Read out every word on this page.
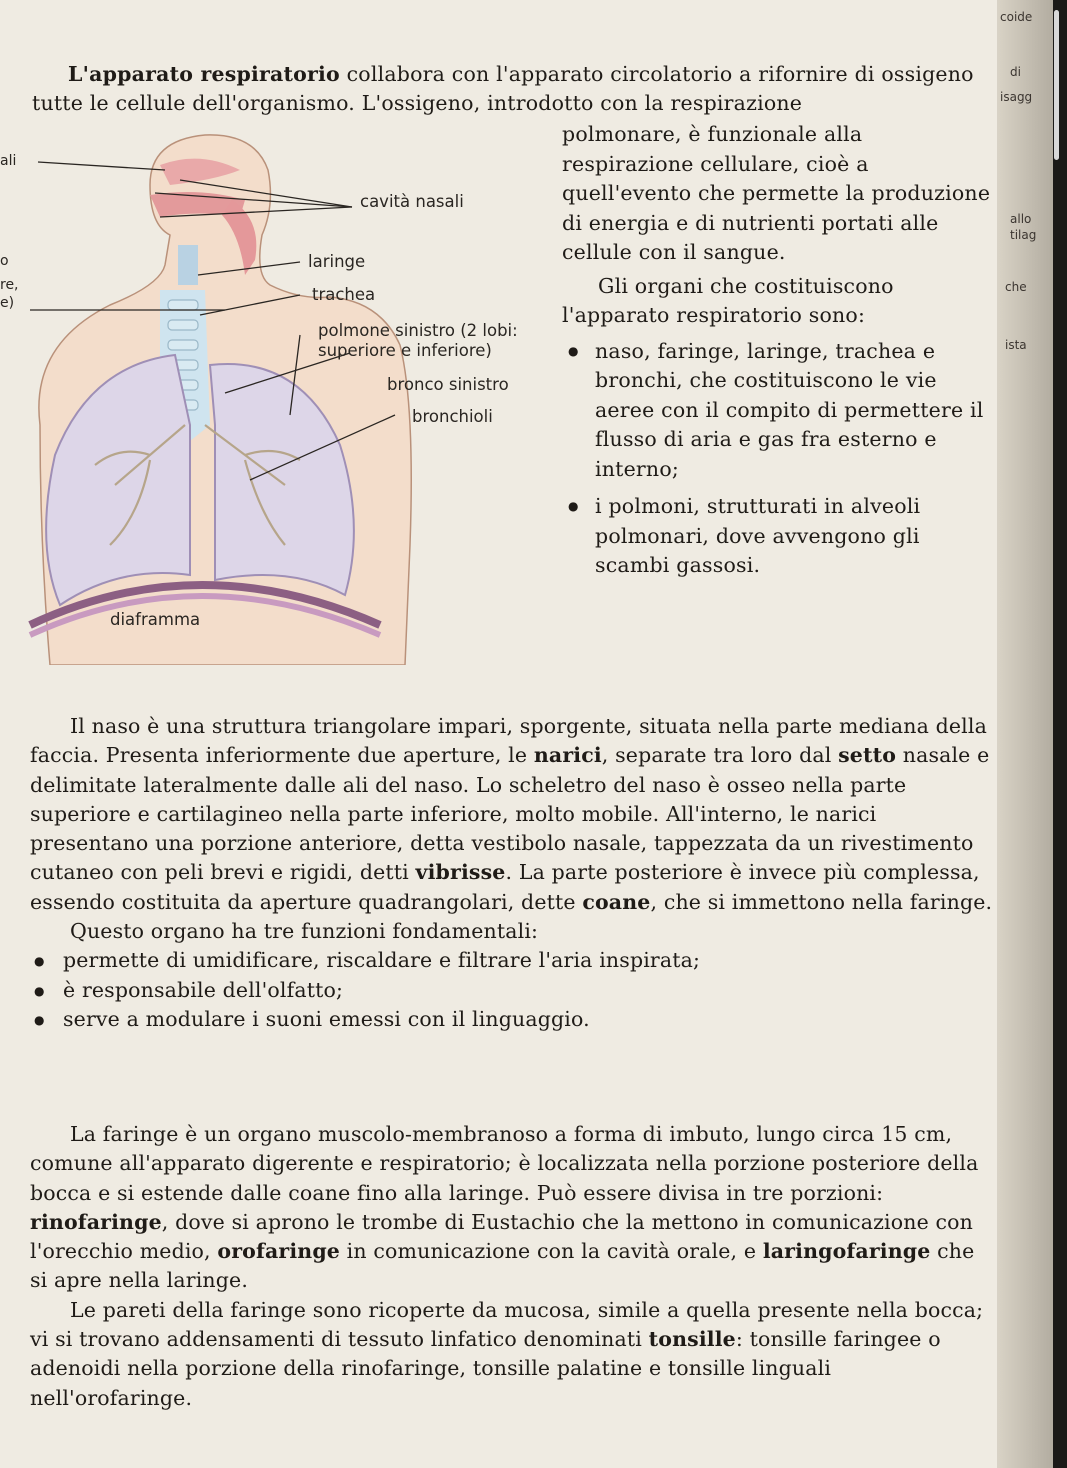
coide
di
isagg
allo
tilag
che
ista

L'apparato respiratorio collabora con l'apparato circolatorio a rifornire di ossigeno tutte le cellule dell'organismo. L'ossigeno, introdotto con la respirazione

cavità nasali
laringe
trachea
polmone sinistro (2 lobi:
superiore e inferiore)
bronco sinistro
bronchioli
diaframma
ali
o
re,
e)

polmonare, è funzionale alla respirazione cellulare, cioè a quell'evento che permette la produzione di energia e di nutrienti portati alle cellule con il sangue.

Gli organi che costituiscono l'apparato respiratorio sono:

● naso, faringe, laringe, trachea e bronchi, che costituiscono le vie aeree con il compito di permettere il flusso di aria e gas fra esterno e interno;
● i polmoni, strutturati in alveoli polmonari, dove avvengono gli scambi gassosi.

Il naso è una struttura triangolare impari, sporgente, situata nella parte mediana della faccia. Presenta inferiormente due aperture, le narici, separate tra loro dal setto nasale e delimitate lateralmente dalle ali del naso. Lo scheletro del naso è osseo nella parte superiore e cartilagineo nella parte inferiore, molto mobile. All'interno, le narici presentano una porzione anteriore, detta vestibolo nasale, tappezzata da un rivestimento cutaneo con peli brevi e rigidi, detti vibrisse. La parte posteriore è invece più complessa, essendo costituita da aperture quadrangolari, dette coane, che si immettono nella faringe.

Questo organo ha tre funzioni fondamentali:

● permette di umidificare, riscaldare e filtrare l'aria inspirata;
● è responsabile dell'olfatto;
● serve a modulare i suoni emessi con il linguaggio.

La faringe è un organo muscolo-membranoso a forma di imbuto, lungo circa 15 cm, comune all'apparato digerente e respiratorio; è localizzata nella porzione posteriore della bocca e si estende dalle coane fino alla laringe. Può essere divisa in tre porzioni: rinofaringe, dove si aprono le trombe di Eustachio che la mettono in comunicazione con l'orecchio medio, orofaringe in comunicazione con la cavità orale, e laringofaringe che si apre nella laringe.

Le pareti della faringe sono ricoperte da mucosa, simile a quella presente nella bocca; vi si trovano addensamenti di tessuto linfatico denominati tonsille: tonsille faringee o adenoidi nella porzione della rinofaringe, tonsille palatine e tonsille linguali nell'orofaringe.
